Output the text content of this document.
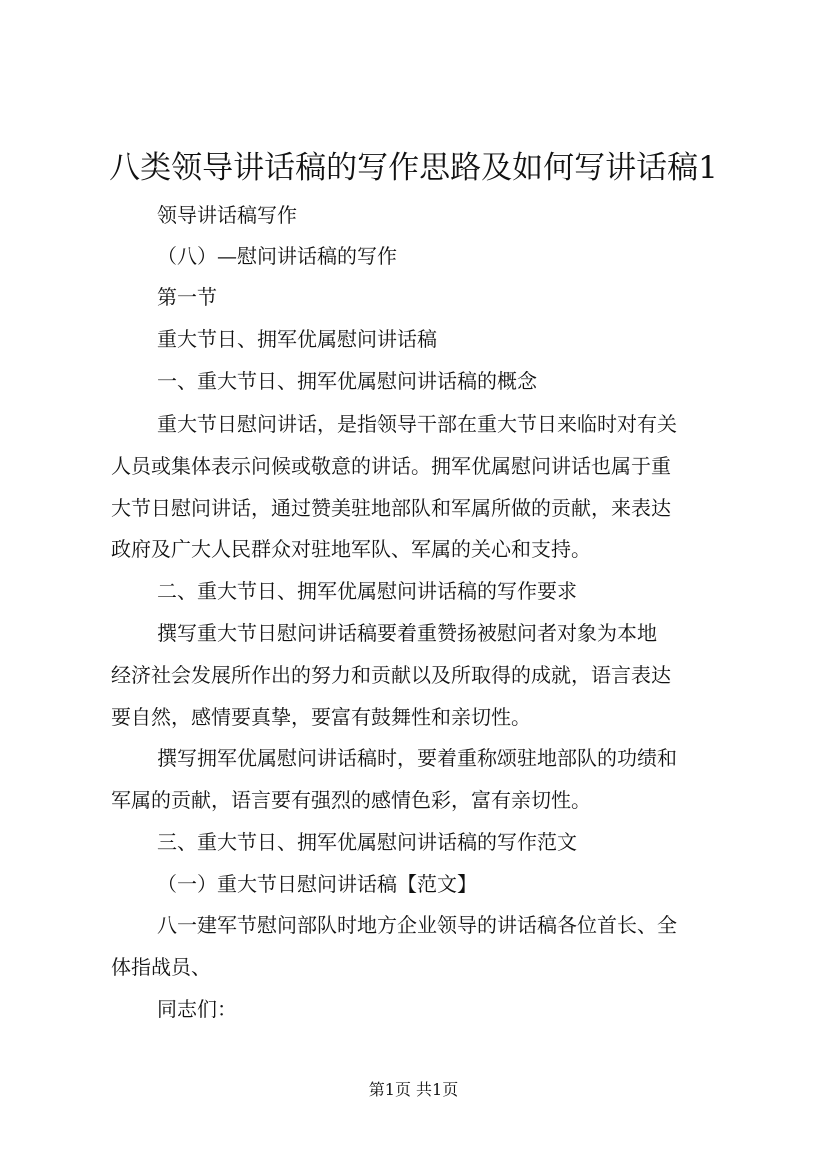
八类领导讲话稿的写作思路及如何写讲话稿1
领导讲话稿写作
（八）—慰问讲话稿的写作
第一节
重大节日、拥军优属慰问讲话稿
一、重大节日、拥军优属慰问讲话稿的概念
重大节日慰问讲话，是指领导干部在重大节日来临时对有关
人员或集体表示问候或敬意的讲话。拥军优属慰问讲话也属于重
大节日慰问讲话，通过赞美驻地部队和军属所做的贡献，来表达
政府及广大人民群众对驻地军队、军属的关心和支持。
二、重大节日、拥军优属慰问讲话稿的写作要求
撰写重大节日慰问讲话稿要着重赞扬被慰问者对象为本地
经济社会发展所作出的努力和贡献以及所取得的成就，语言表达
要自然，感情要真挚，要富有鼓舞性和亲切性。
撰写拥军优属慰问讲话稿时，要着重称颂驻地部队的功绩和
军属的贡献，语言要有强烈的感情色彩，富有亲切性。
三、重大节日、拥军优属慰问讲话稿的写作范文
（一）重大节日慰问讲话稿【范文】
八一建军节慰问部队时地方企业领导的讲话稿各位首长、全
体指战员、
同志们：
第1页 共1页
